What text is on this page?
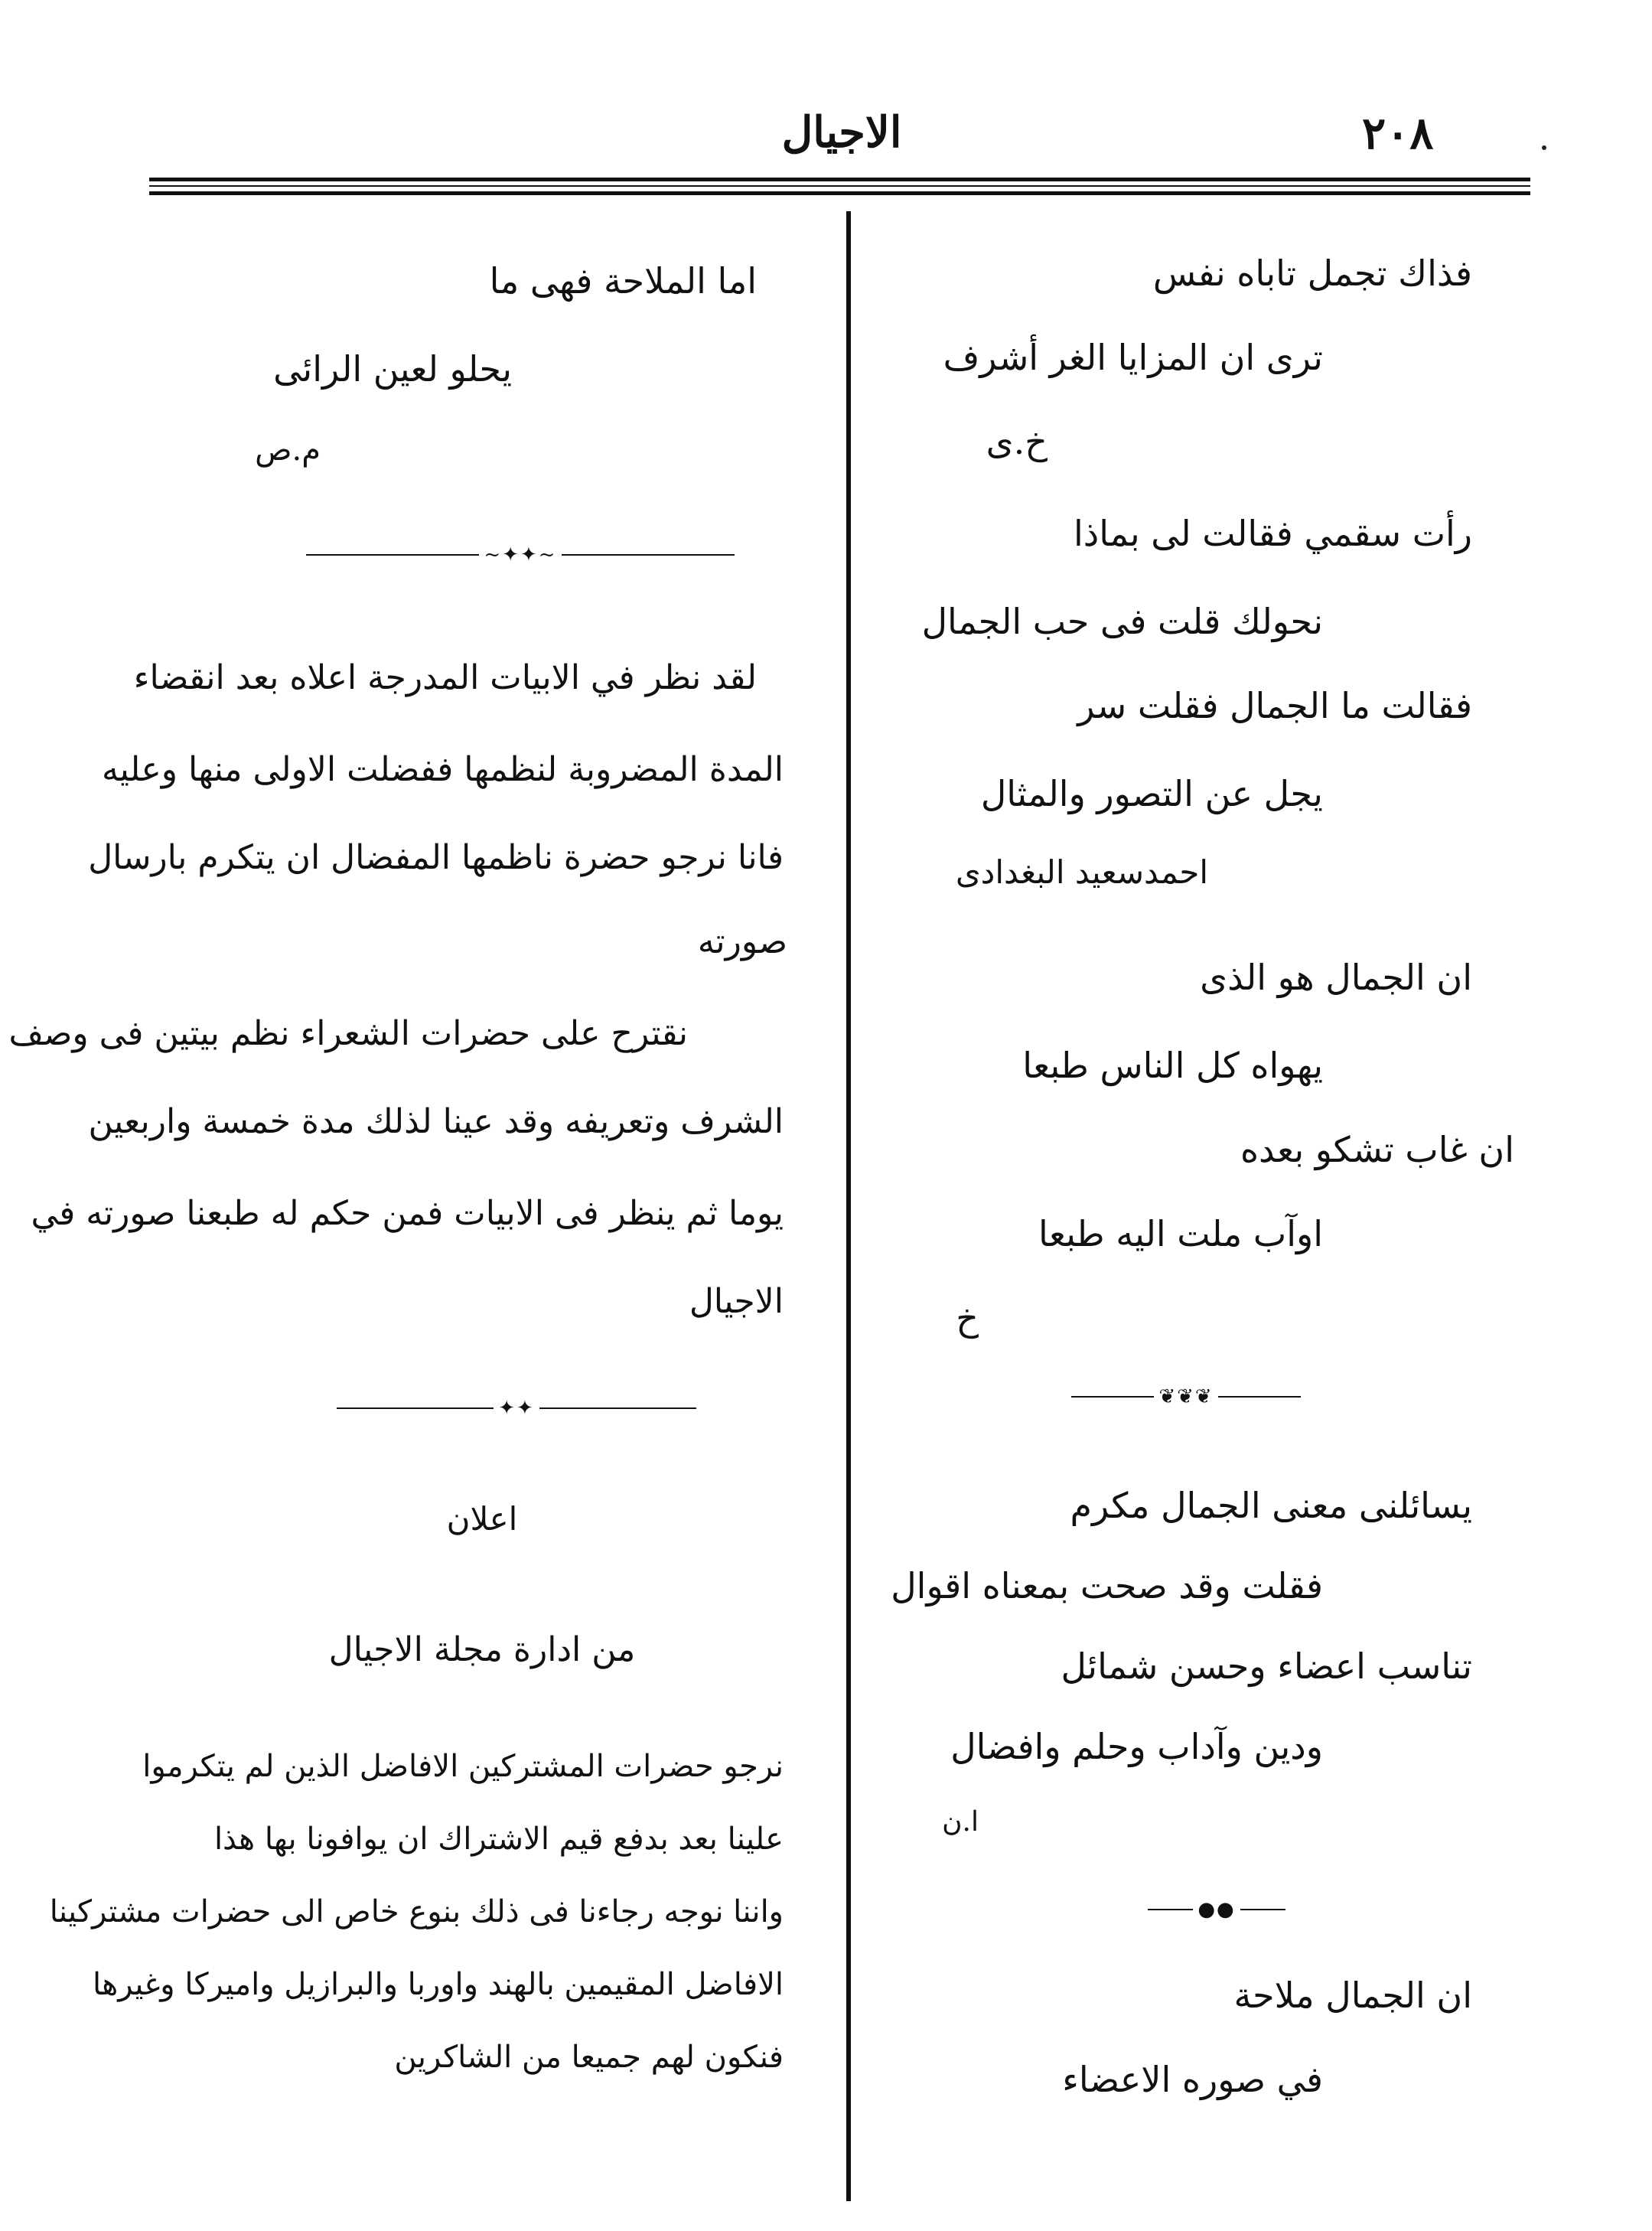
الاجيال	٢٠٨
فذاك تجمل تاباه نفس
ترى ان المزايا الغر أشرف
خ.ى
رأت سقمي فقالت لى بماذا
نحولك قلت فى حب الجمال
فقالت ما الجمال فقلت سر
يجل عن التصور والمثال
احمدسعيد البغدادى
ان الجمال هو الذى
يهواه كل الناس طبعا
ان غاب تشكو بعده
اوآب ملت اليه طبعا
خ
❦❦❦
يسائلنى معنى الجمال مكرم
فقلت وقد صحت بمعناه اقوال
تناسب اعضاء وحسن شمائل
ودين وآداب وحلم وافضال
ا.ن
●●
ان الجمال ملاحة
في صوره الاعضاء
اما الملاحة فهى ما
يحلو لعين الرائى
م.ص
~✦✦~
لقد نظر في الابيات المدرجة اعلاه بعد انقضاء
المدة المضروبة لنظمها ففضلت الاولى منها وعليه
فانا نرجو حضرة ناظمها المفضال ان يتكرم بارسال
صورته
نقترح على حضرات الشعراء نظم بيتين فى وصف
الشرف وتعريفه وقد عينا لذلك مدة خمسة واربعين
يوما ثم ينظر فى الابيات فمن حكم له طبعنا صورته في
الاجيال
✦✦
اعلان
من ادارة مجلة الاجيال
نرجو حضرات المشتركين الافاضل الذين لم يتكرموا
علينا بعد بدفع قيم الاشتراك ان يوافونا بها هذا
واننا نوجه رجاءنا فى ذلك بنوع خاص الى حضرات مشتركينا
الافاضل المقيمين بالهند واوربا والبرازيل واميركا وغيرها
فنكون لهم جميعا من الشاكرين
